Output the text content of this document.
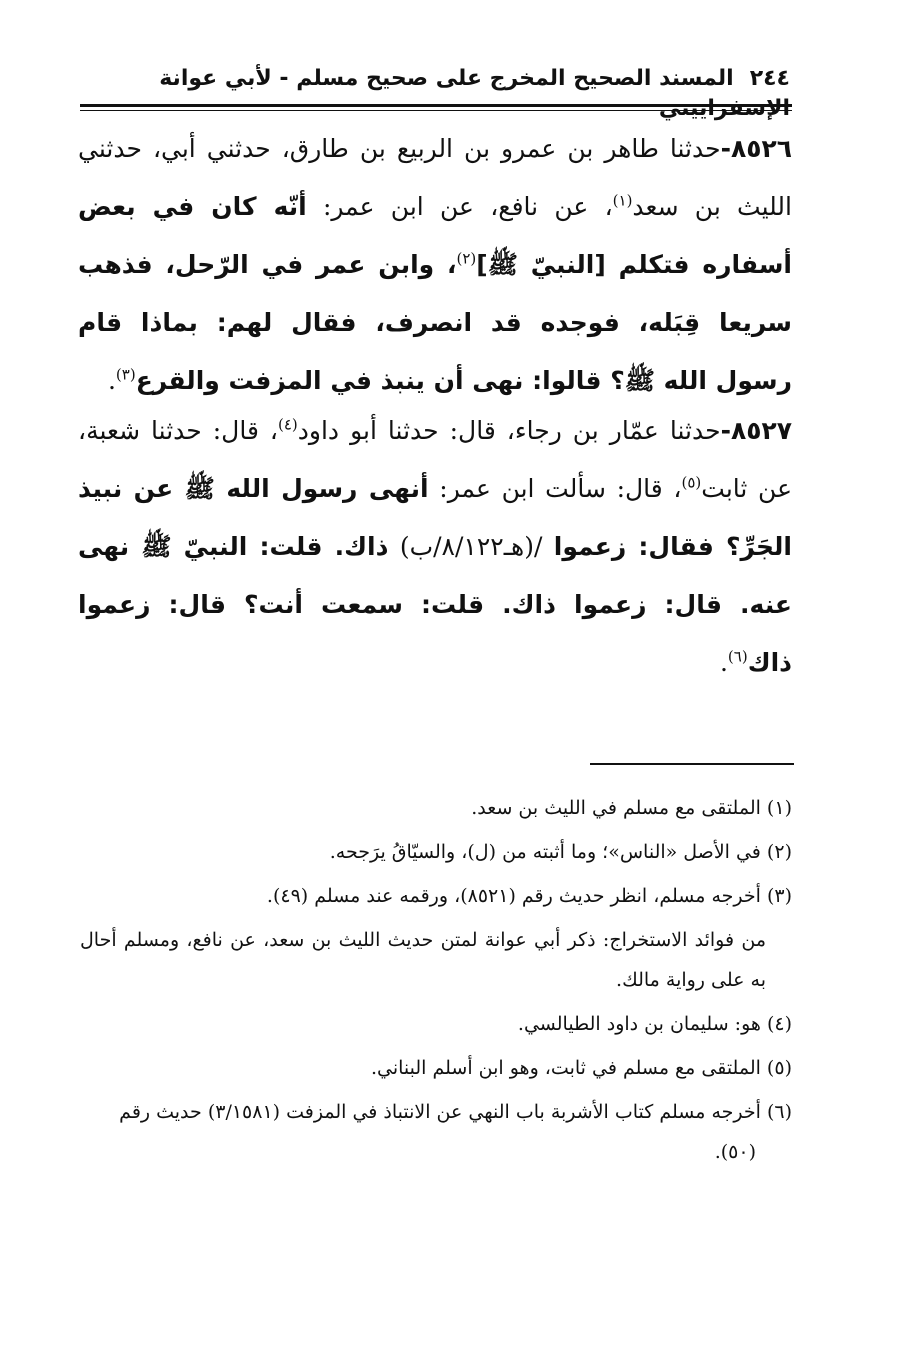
٢٤٤المسند الصحيح المخرج على صحيح مسلم - لأبي عوانة الإسفراييني
٨٥٢٦-حدثنا طاهر بن عمرو بن الربيع بن طارق، حدثني أبي، حدثني الليث بن سعد$^{(١)}$، عن نافع، عن ابن عمر: أنّه كان في بعض أسفاره فتكلم [النبيّ ﷺ]$^{(٢)}$، وابن عمر في الرّحل، فذهب سريعا قِبَله، فوجده قد انصرف، فقال لهم: بماذا قام رسول الله ﷺ؟ قالوا: نهى أن ينبذ في المزفت والقرع$^{(٣)}$.
٨٥٢٧-حدثنا عمّار بن رجاء، قال: حدثنا أبو داود$^{(٤)}$، قال: حدثنا شعبة، عن ثابت$^{(٥)}$، قال: سألت ابن عمر: أنهى رسول الله ﷺ عن نبيذ الجَرِّ؟ فقال: زعموا /(هـ٨/١٢٢/ب) ذاك. قلت: النبيّ ﷺ نهى عنه. قال: زعموا ذاك. قلت: سمعت أنت؟ قال: زعموا ذاك$^{(٦)}$.

(١) الملتقى مع مسلم في الليث بن سعد.

(٢) في الأصل «الناس»؛ وما أثبته من (ل)، والسيّاقُ يرَجحه.

(٣) أخرجه مسلم، انظر حديث رقم (٨٥٢١)، ورقمه عند مسلم (٤٩).

من فوائد الاستخراج: ذكر أبي عوانة لمتن حديث الليث بن سعد، عن نافع، ومسلم أحال به على رواية مالك.

(٤) هو: سليمان بن داود الطيالسي.

(٥) الملتقى مع مسلم في ثابت، وهو ابن أسلم البناني.

(٦) أخرجه مسلم كتاب الأشربة باب النهي عن الانتباذ في المزفت (٣/١٥٨١) حديث رقم (٥٠).
